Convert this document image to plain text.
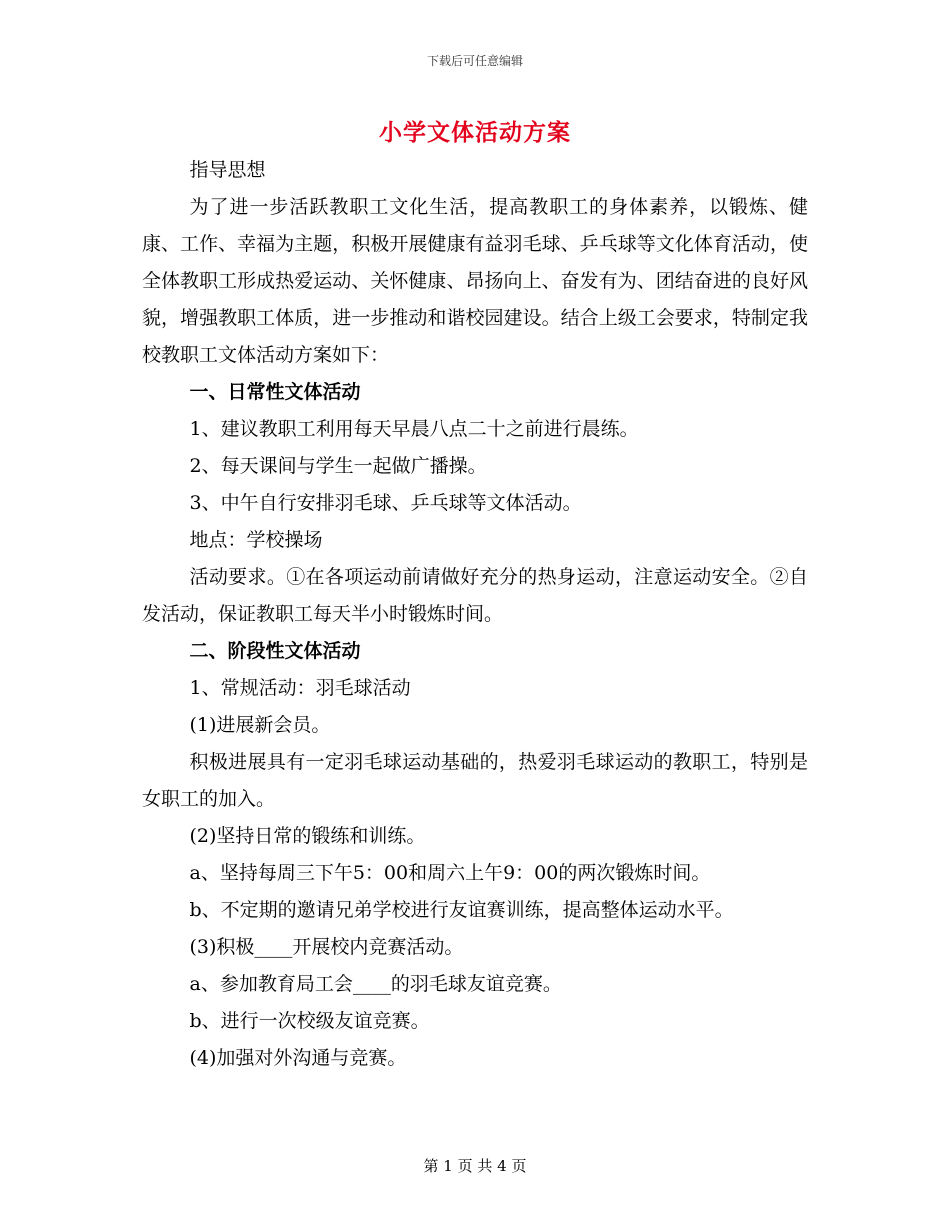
下载后可任意编辑
小学文体活动方案

指导思想

为了进一步活跃教职工文化生活，提高教职工的身体素养，以锻炼、健康、工作、幸福为主题，积极开展健康有益羽毛球、乒乓球等文化体育活动，使全体教职工形成热爱运动、关怀健康、昂扬向上、奋发有为、团结奋进的良好风貌，增强教职工体质，进一步推动和谐校园建设。结合上级工会要求，特制定我校教职工文体活动方案如下：

一、日常性文体活动

1、建议教职工利用每天早晨八点二十之前进行晨练。

2、每天课间与学生一起做广播操。

3、中午自行安排羽毛球、乒乓球等文体活动。

地点：学校操场

活动要求。①在各项运动前请做好充分的热身运动，注意运动安全。②自发活动，保证教职工每天半小时锻炼时间。

二、阶段性文体活动

1、常规活动：羽毛球活动

(1)进展新会员。

积极进展具有一定羽毛球运动基础的，热爱羽毛球运动的教职工，特别是女职工的加入。

(2)坚持日常的锻练和训练。

a、坚持每周三下午5：00和周六上午9：00的两次锻炼时间。

b、不定期的邀请兄弟学校进行友谊赛训练，提高整体运动水平。

(3)积极____开展校内竞赛活动。

a、参加教育局工会____的羽毛球友谊竞赛。

b、进行一次校级友谊竞赛。

(4)加强对外沟通与竞赛。

第 1 页 共 4 页
